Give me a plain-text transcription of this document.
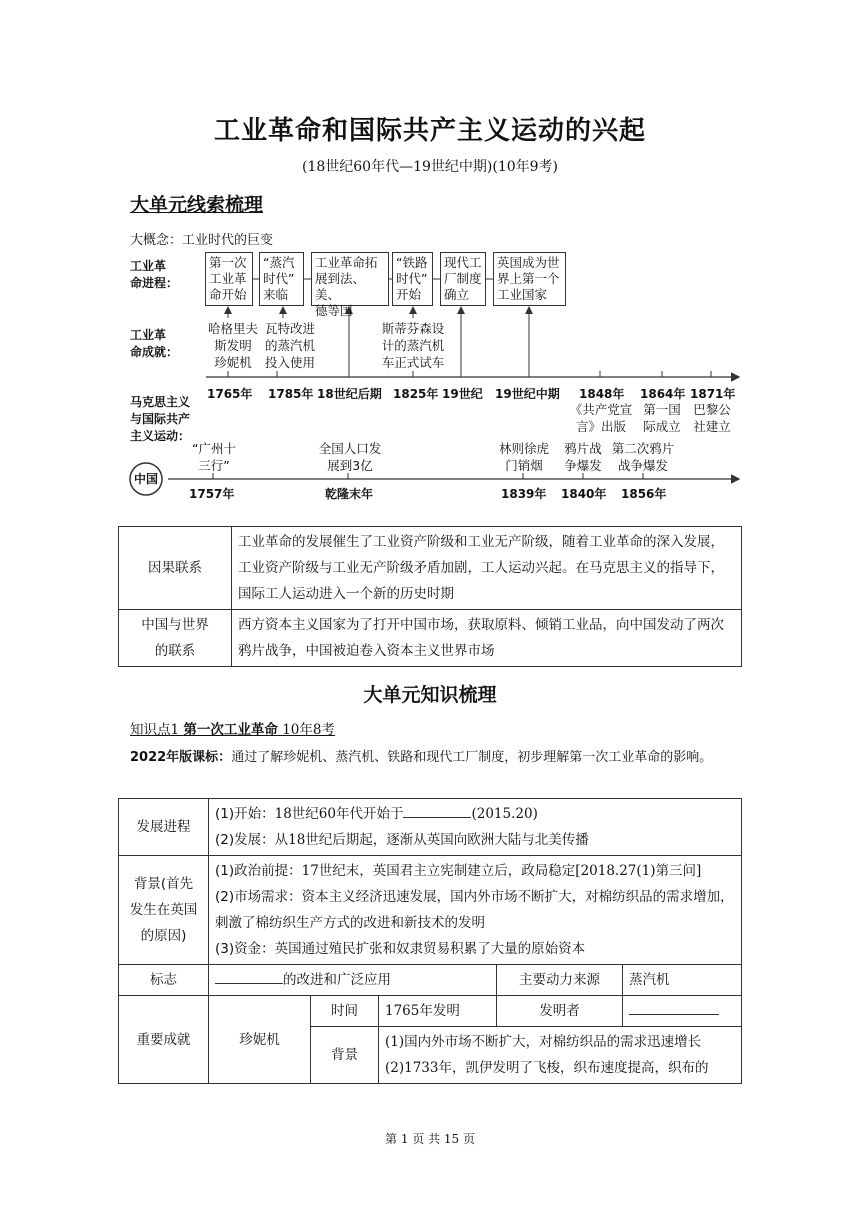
工业革命和国际共产主义运动的兴起
(18世纪60年代—19世纪中期)(10年9考)
大单元线索梳理
大概念：工业时代的巨变
工业革
命进程：
工业革
命成就：
马克思主义
与国际共产
主义运动：
中国
第一次
工业革
命开始
“蒸汽
时代”
来临
工业革命拓
展到法、美、
德等国
“铁路
时代”
开始
现代工
厂制度
确立
英国成为世
界上第一个
工业国家
哈格里夫
斯发明
珍妮机
瓦特改进
的蒸汽机
投入使用
斯蒂芬森设
计的蒸汽机
车正式试车
1765年 1785年 18世纪后期 1825年 19世纪 19世纪中期 1848年 1864年 1871年
《共产党宣
言》出版
第一国
际成立
巴黎公
社建立
“广州十
三行”
全国人口发
展到3亿
林则徐虎
门销烟
鸦片战
争爆发
第二次鸦片
战争爆发
1757年	乾隆末年	1839年 1840年 1856年
因果联系	工业革命的发展催生了工业资产阶级和工业无产阶级，随着工业革命的深入发展，工业资产阶级与工业无产阶级矛盾加剧，工人运动兴起。在马克思主义的指导下，国际工人运动进入一个新的历史时期
中国与世界的联系	西方资本主义国家为了打开中国市场，获取原料、倾销工业品，向中国发动了两次鸦片战争，中国被迫卷入资本主义世界市场
大单元知识梳理
知识点1 第一次工业革命 10年8考
2022年版课标：通过了解珍妮机、蒸汽机、铁路和现代工厂制度，初步理解第一次工业革命的影响。
发展进程	(1)开始：18世纪60年代开始于 (2015.20)
(2)发展：从18世纪后期起，逐渐从英国向欧洲大陆与北美传播				

背景(首先发生在英国的原因)	(1)政治前提：17世纪末，英国君主立宪制建立后，政局稳定[2018.27(1)第三问]
(2)市场需求：资本主义经济迅速发展，国内外市场不断扩大，对棉纺织品的需求增加，刺激了棉纺织生产方式的改进和新技术的发明
(3)资金：英国通过殖民扩张和奴隶贸易积累了大量的原始资本				

标志	的改进和广泛应用			主要动力来源	蒸汽机
重要成就	珍妮机	时间	1765年发明	发明者	
		背景	(1)国内外市场不断扩大，对棉纺织品的需求迅速增长
(2)1733年，凯伊发明了飞梭，织布速度提高，织布的		
第 1 页 共 15 页
